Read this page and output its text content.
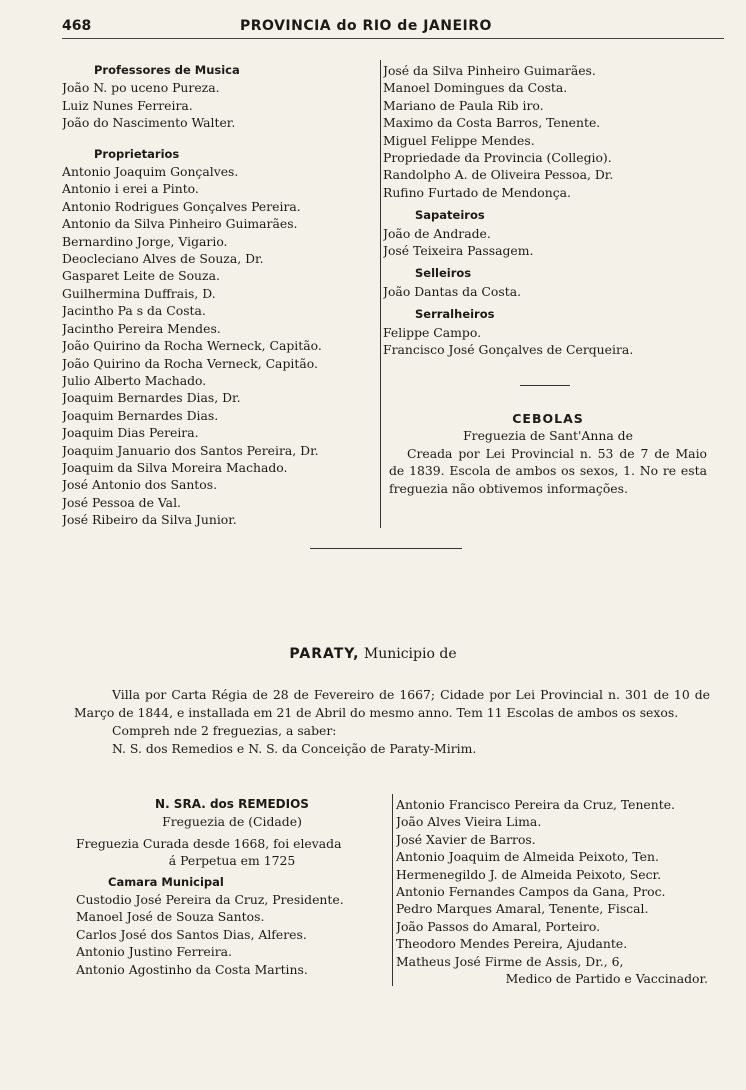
468	PROVINCIA do RIO de JANEIRO
Professores de Musica
João N. po uceno Pureza.
Luiz Nunes Ferreira.
João do Nascimento Walter.
Proprietarios
Antonio Joaquim Gonçalves.
Antonio i erei a Pinto.
Antonio Rodrigues Gonçalves Pereira.
Antonio da Silva Pinheiro Guimarães.
Bernardino Jorge, Vigario.
Deocleciano Alves de Souza, Dr.
Gasparet Leite de Souza.
Guilhermina Duffrais, D.
Jacintho Pa s da Costa.
Jacintho Pereira Mendes.
João Quirino da Rocha Werneck, Capitão.
João Quirino da Rocha Verneck, Capitão.
Julio Alberto Machado.
Joaquim Bernardes Dias, Dr.
Joaquim Bernardes Dias.
Joaquim Dias Pereira.
Joaquim Januario dos Santos Pereira, Dr.
Joaquim da Silva Moreira Machado.
José Antonio dos Santos.
José Pessoa de Val.
José Ribeiro da Silva Junior.
José da Silva Pinheiro Guimarães.
Manoel Domingues da Costa.
Mariano de Paula Rib iro.
Maximo da Costa Barros, Tenente.
Miguel Felippe Mendes.
Propriedade da Provincia (Collegio).
Randolpho A. de Oliveira Pessoa, Dr.
Rufino Furtado de Mendonça.
Sapateiros
João de Andrade.
José Teixeira Passagem.
Selleiros
João Dantas da Costa.
Serralheiros
Felippe Campo.
Francisco José Gonçalves de Cerqueira.
CEBOLAS
Freguezia de Sant'Anna de
Creada por Lei Provincial n. 53 de 7 de Maio de 1839. Escola de ambos os sexos, 1. No re esta freguezia não obtivemos informações.
PARATY, Municipio de
Villa por Carta Régia de 28 de Fevereiro de 1667; Cidade por Lei Provincial n. 301 de 10 de Março de 1844, e installada em 21 de Abril do mesmo anno. Tem 11 Escolas de ambos os sexos.
Compreh nde 2 freguezias, a saber:
N. S. dos Remedios e N. S. da Conceição de Paraty-Mirim.
N. SRA. dos REMEDIOS
Freguezia de (Cidade)
Freguezia Curada desde 1668, foi elevada
á Perpetua em 1725
Camara Municipal
Custodio José Pereira da Cruz, Presidente.
Manoel José de Souza Santos.
Carlos José dos Santos Dias, Alferes.
Antonio Justino Ferreira.
Antonio Agostinho da Costa Martins.
Antonio Francisco Pereira da Cruz, Tenente.
João Alves Vieira Lima.
José Xavier de Barros.
Antonio Joaquim de Almeida Peixoto, Ten.
Hermenegildo J. de Almeida Peixoto, Secr.
Antonio Fernandes Campos da Gana, Proc.
Pedro Marques Amaral, Tenente, Fiscal.
João Passos do Amaral, Porteiro.
Theodoro Mendes Pereira, Ajudante.
Matheus José Firme de Assis, Dr., 6,
Medico de Partido e Vaccinador.
